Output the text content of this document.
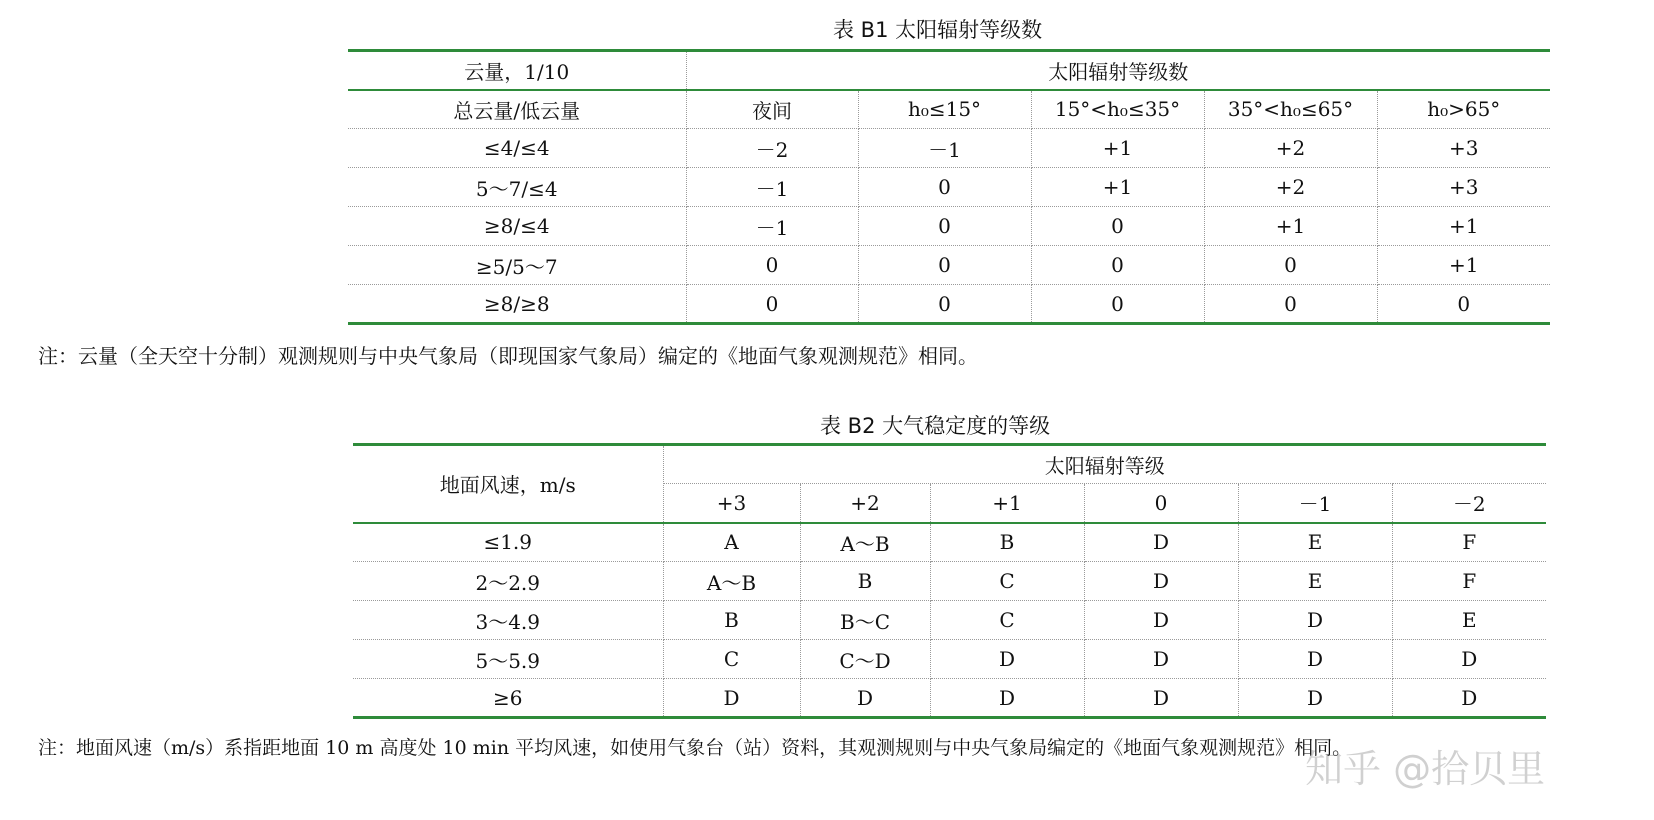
表 B1 太阳辐射等级数
云量，1/10	太阳辐射等级数				
总云量/低云量	夜间	h₀≤15°	15°<h₀≤35°	35°<h₀≤65°	h₀>65°
≤4/≤4	－2	－1	+1	+2	+3
5～7/≤4	－1	0	+1	+2	+3
≥8/≤4	－1	0	0	+1	+1
≥5/5～7	0	0	0	0	+1
≥8/≥8	0	0	0	0	0
注：云量（全天空十分制）观测规则与中央气象局（即现国家气象局）编定的《地面气象观测规范》相同。
表 B2 大气稳定度的等级
地面风速，m/s	太阳辐射等级					
	+3	+2	+1	0	－1	－2
≤1.9	A	A～B	B	D	E	F
2～2.9	A～B	B	C	D	E	F
3～4.9	B	B～C	C	D	D	E
5～5.9	C	C～D	D	D	D	D
≥6	D	D	D	D	D	D
注：地面风速（m/s）系指距地面 10 m 高度处 10 min 平均风速，如使用气象台（站）资料，其观测规则与中央气象局编定的《地面气象观测规范》相同。
知乎 @拾贝里
